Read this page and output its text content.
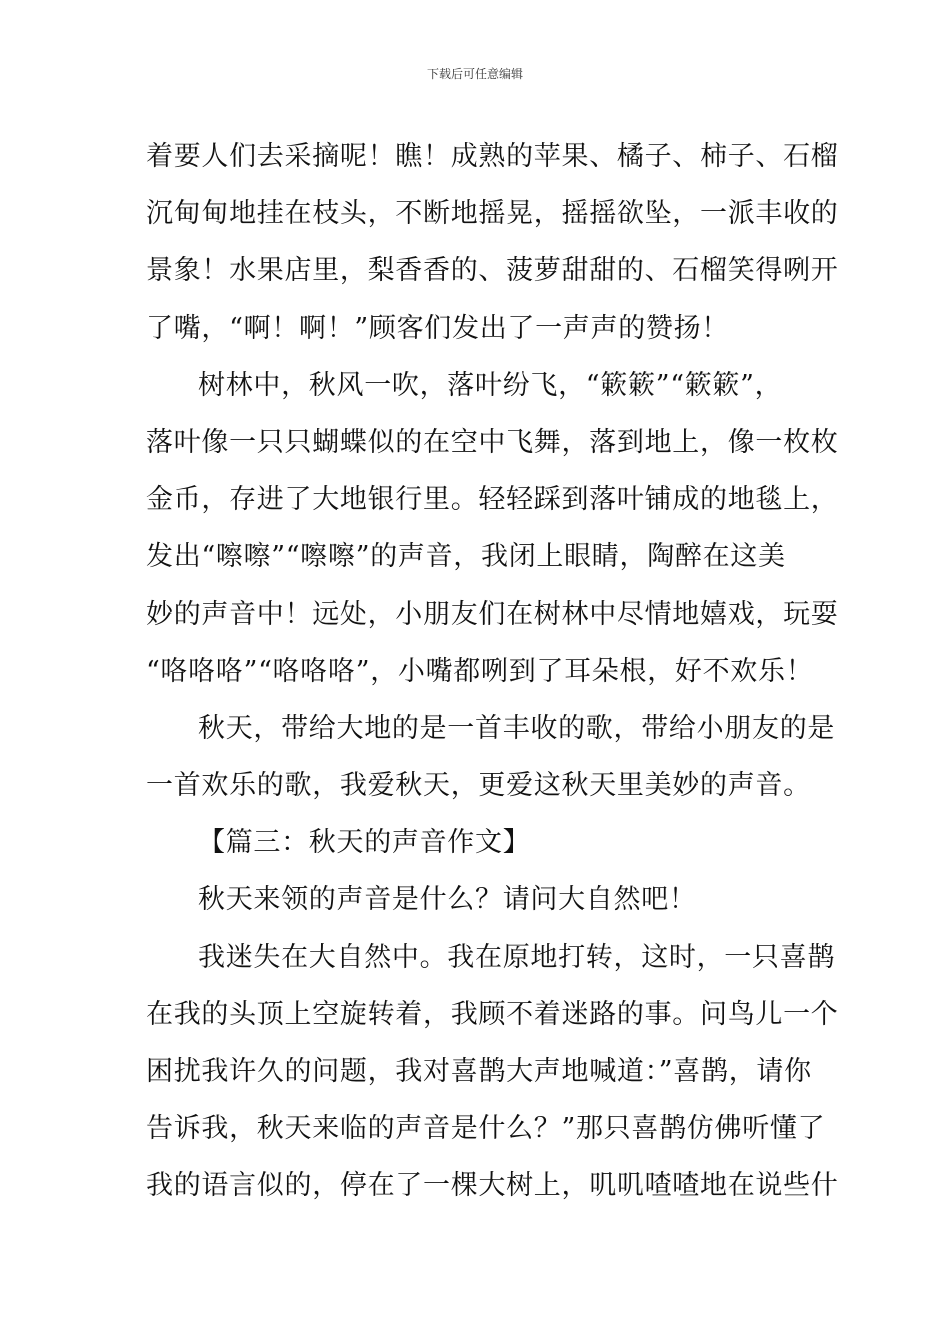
下载后可任意编辑
着要人们去采摘呢！瞧！成熟的苹果、橘子、柿子、石榴
沉甸甸地挂在枝头，不断地摇晃，摇摇欲坠，一派丰收的
景象！水果店里，梨香香的、菠萝甜甜的、石榴笑得咧开
了嘴，“啊！啊！”顾客们发出了一声声的赞扬！
树林中，秋风一吹，落叶纷飞，“簌簌”“簌簌”，
落叶像一只只蝴蝶似的在空中飞舞，落到地上，像一枚枚
金币，存进了大地银行里。轻轻踩到落叶铺成的地毯上，
发出“嚓嚓”“嚓嚓”的声音，我闭上眼睛，陶醉在这美
妙的声音中！远处，小朋友们在树林中尽情地嬉戏，玩耍
“咯咯咯”“咯咯咯”，小嘴都咧到了耳朵根，好不欢乐！
秋天，带给大地的是一首丰收的歌，带给小朋友的是
一首欢乐的歌，我爱秋天，更爱这秋天里美妙的声音。
【篇三：秋天的声音作文】
秋天来领的声音是什么？请问大自然吧！
我迷失在大自然中。我在原地打转，这时，一只喜鹊
在我的头顶上空旋转着，我顾不着迷路的事。问鸟儿一个
困扰我许久的问题，我对喜鹊大声地喊道：”喜鹊，请你
告诉我，秋天来临的声音是什么？”那只喜鹊仿佛听懂了
我的语言似的，停在了一棵大树上，叽叽喳喳地在说些什
